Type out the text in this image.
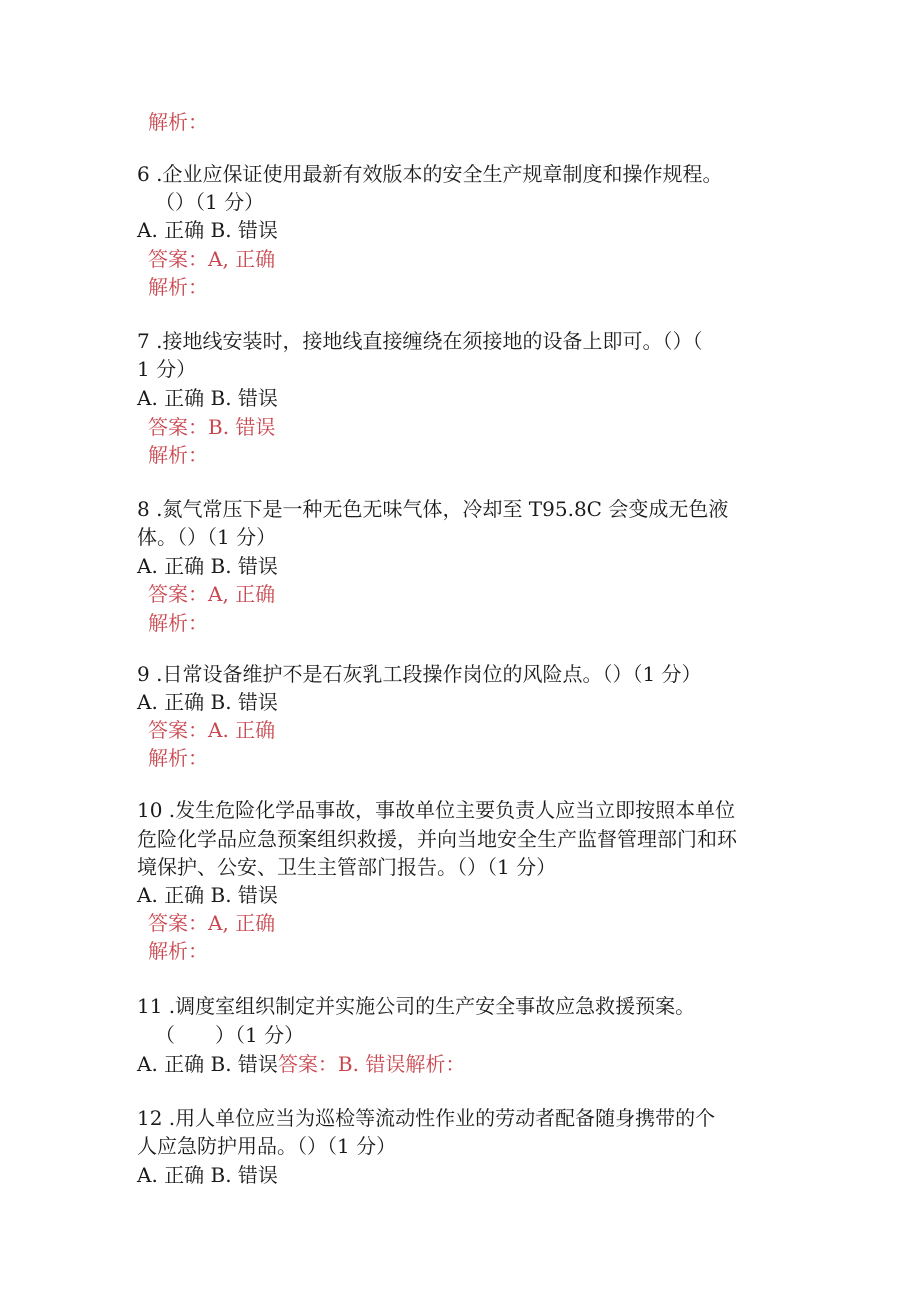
解析：
6 .企业应保证使用最新有效版本的安全生产规章制度和操作规程。
（）（1 分）
A. 正确 B. 错误
答案：A, 正确
解析：
7 .接地线安装时，接地线直接缠绕在须接地的设备上即可。（）（
1 分）
A. 正确 B. 错误
答案：B. 错误
解析：
8 .氮气常压下是一种无色无味气体，冷却至 T95.8C 会变成无色液
体。（）（1 分）
A. 正确 B. 错误
答案：A, 正确
解析：
9 .日常设备维护不是石灰乳工段操作岗位的风险点。（）（1 分）
A. 正确 B. 错误
答案：A. 正确
解析：
10 .发生危险化学品事故，事故单位主要负责人应当立即按照本单位
危险化学品应急预案组织救援，并向当地安全生产监督管理部门和环
境保护、公安、卫生主管部门报告。（）（1 分）
A. 正确 B. 错误
答案：A, 正确
解析：
11 .调度室组织制定并实施公司的生产安全事故应急救援预案。
（　　）（1 分）
A. 正确 B. 错误答案：B. 错误解析：
12 .用人单位应当为巡检等流动性作业的劳动者配备随身携带的个
人应急防护用品。（）（1 分）
A. 正确 B. 错误
